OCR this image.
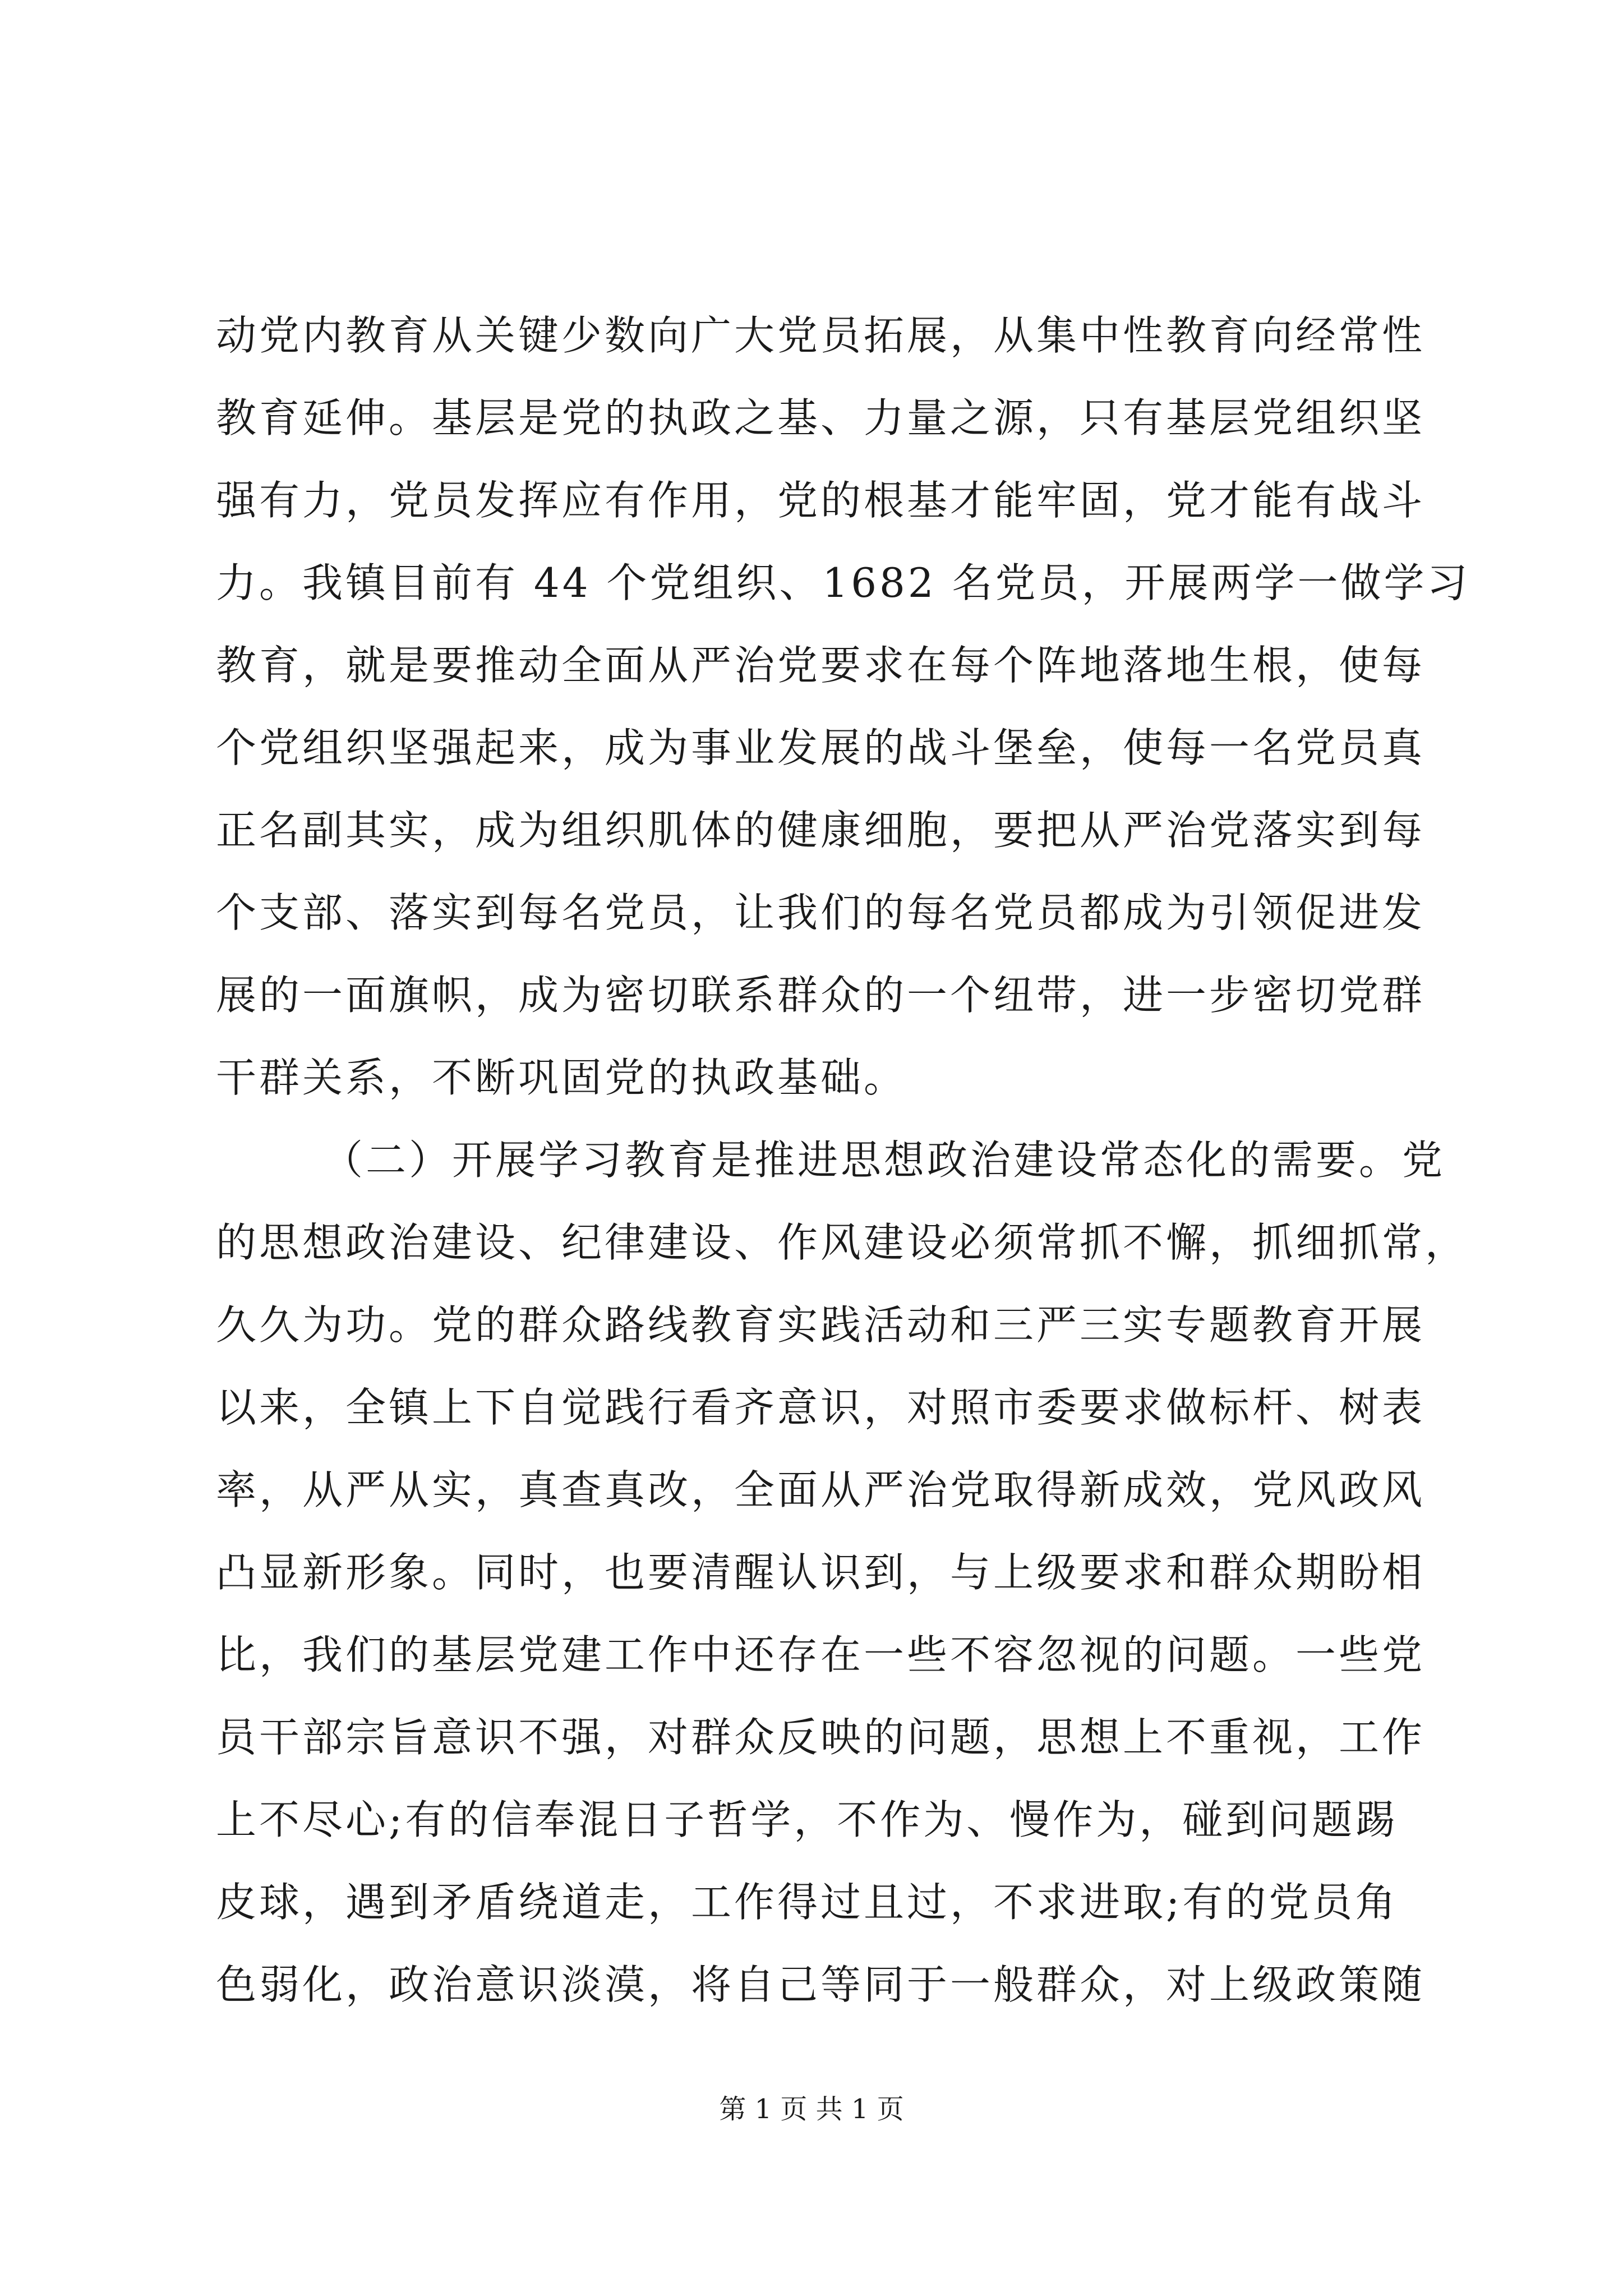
动党内教育从关键少数向广大党员拓展，从集中性教育向经常性
教育延伸。基层是党的执政之基、力量之源，只有基层党组织坚
强有力，党员发挥应有作用，党的根基才能牢固，党才能有战斗
力。我镇目前有 44 个党组织、1682 名党员，开展两学一做学习
教育，就是要推动全面从严治党要求在每个阵地落地生根，使每
个党组织坚强起来，成为事业发展的战斗堡垒，使每一名党员真
正名副其实，成为组织肌体的健康细胞，要把从严治党落实到每
个支部、落实到每名党员，让我们的每名党员都成为引领促进发
展的一面旗帜，成为密切联系群众的一个纽带，进一步密切党群
干群关系，不断巩固党的执政基础。
（二）开展学习教育是推进思想政治建设常态化的需要。党
的思想政治建设、纪律建设、作风建设必须常抓不懈，抓细抓常，
久久为功。党的群众路线教育实践活动和三严三实专题教育开展
以来，全镇上下自觉践行看齐意识，对照市委要求做标杆、树表
率，从严从实，真查真改，全面从严治党取得新成效，党风政风
凸显新形象。同时，也要清醒认识到，与上级要求和群众期盼相
比，我们的基层党建工作中还存在一些不容忽视的问题。一些党
员干部宗旨意识不强，对群众反映的问题，思想上不重视，工作
上不尽心;有的信奉混日子哲学，不作为、慢作为，碰到问题踢
皮球，遇到矛盾绕道走，工作得过且过，不求进取;有的党员角
色弱化，政治意识淡漠，将自己等同于一般群众，对上级政策随
第 1 页 共 1 页
